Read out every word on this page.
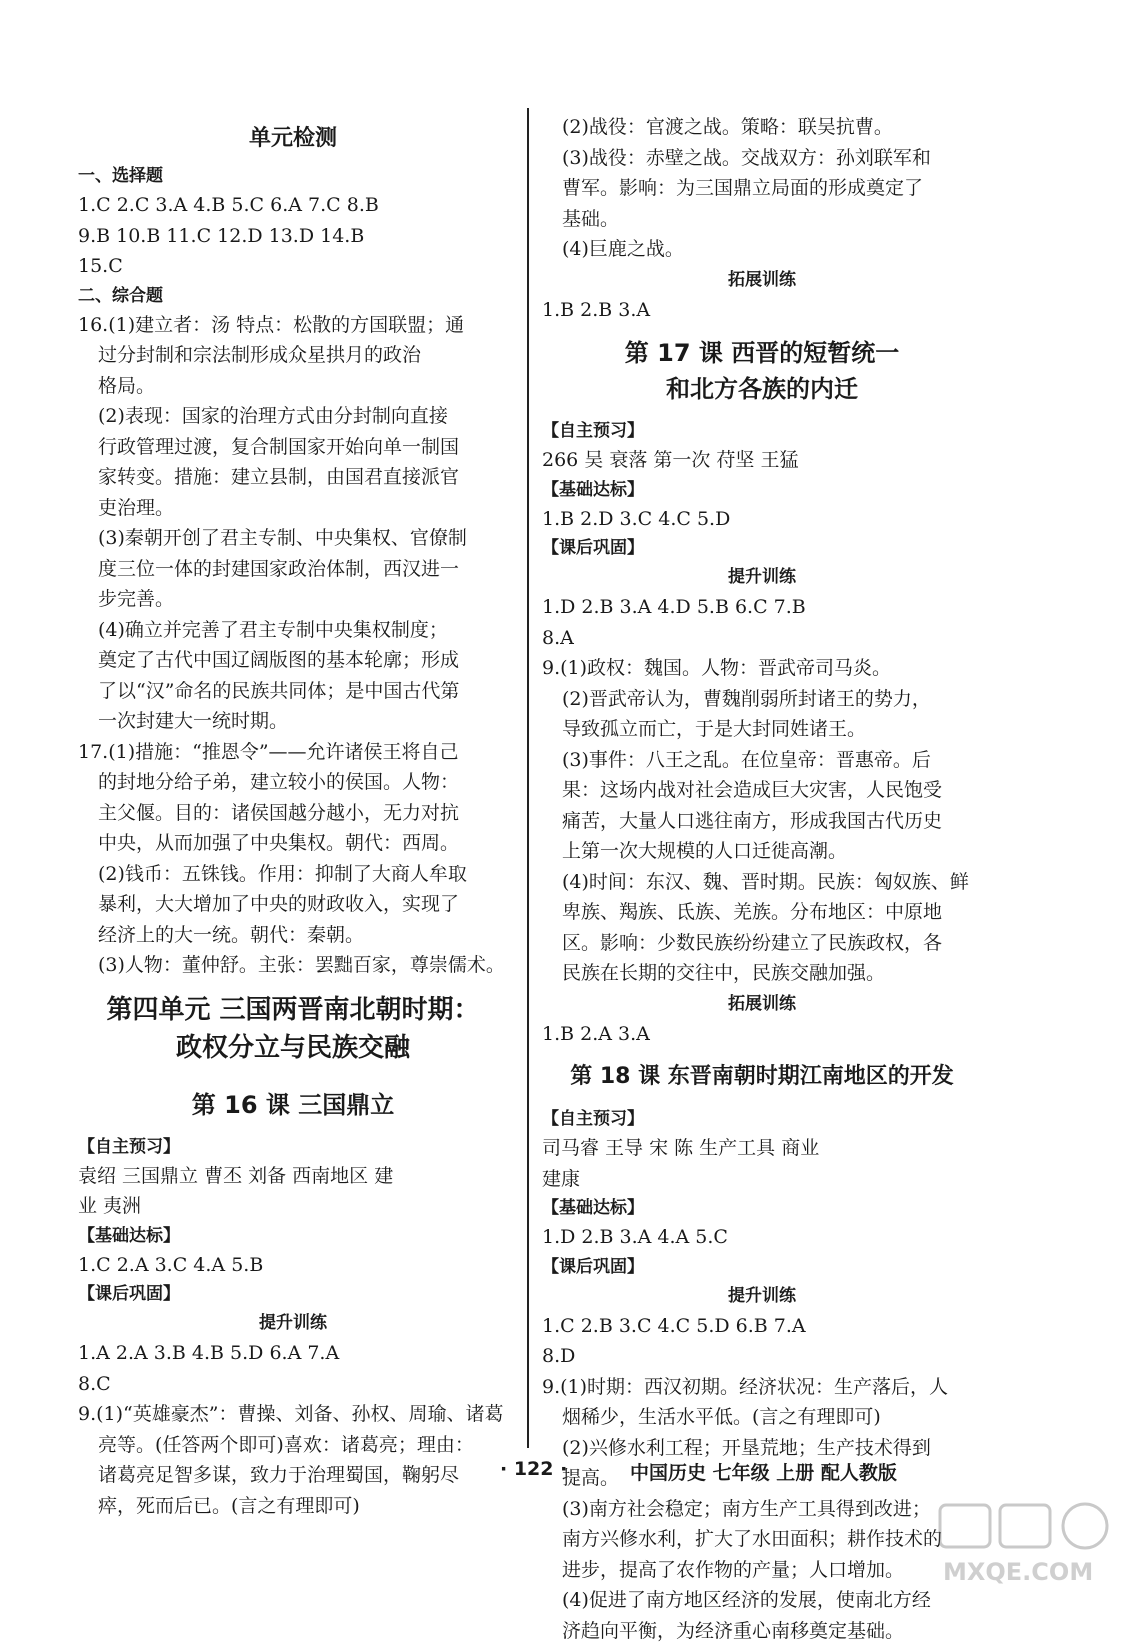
单元检测
一、选择题
1.C 2.C 3.A 4.B 5.C 6.A 7.C 8.B
9.B 10.B 11.C 12.D 13.D 14.B
15.C
二、综合题
16.(1)建立者：汤 特点：松散的方国联盟；通
过分封制和宗法制形成众星拱月的政治
格局。
(2)表现：国家的治理方式由分封制向直接
行政管理过渡，复合制国家开始向单一制国
家转变。措施：建立县制，由国君直接派官
吏治理。
(3)秦朝开创了君主专制、中央集权、官僚制
度三位一体的封建国家政治体制，西汉进一
步完善。
(4)确立并完善了君主专制中央集权制度；
奠定了古代中国辽阔版图的基本轮廓；形成
了以“汉”命名的民族共同体；是中国古代第
一次封建大一统时期。
17.(1)措施：“推恩令”——允许诸侯王将自己
的封地分给子弟，建立较小的侯国。人物：
主父偃。目的：诸侯国越分越小，无力对抗
中央，从而加强了中央集权。朝代：西周。
(2)钱币：五铢钱。作用：抑制了大商人牟取
暴利，大大增加了中央的财政收入，实现了
经济上的大一统。朝代：秦朝。
(3)人物：董仲舒。主张：罢黜百家，尊崇儒术。
第四单元 三国两晋南北朝时期：
政权分立与民族交融
第 16 课 三国鼎立
【自主预习】
袁绍 三国鼎立 曹丕 刘备 西南地区 建
业 夷洲
【基础达标】
1.C 2.A 3.C 4.A 5.B
【课后巩固】
提升训练
1.A 2.A 3.B 4.B 5.D 6.A 7.A
8.C
9.(1)“英雄豪杰”：曹操、刘备、孙权、周瑜、诸葛
亮等。(任答两个即可)喜欢：诸葛亮；理由：
诸葛亮足智多谋，致力于治理蜀国，鞠躬尽
瘁，死而后已。(言之有理即可)
(2)战役：官渡之战。策略：联吴抗曹。
(3)战役：赤壁之战。交战双方：孙刘联军和
曹军。影响：为三国鼎立局面的形成奠定了
基础。
(4)巨鹿之战。
拓展训练
1.B 2.B 3.A
第 17 课 西晋的短暂统一
和北方各族的内迁
【自主预习】
266 吴 衰落 第一次 苻坚 王猛
【基础达标】
1.B 2.D 3.C 4.C 5.D
【课后巩固】
提升训练
1.D 2.B 3.A 4.D 5.B 6.C 7.B
8.A
9.(1)政权：魏国。人物：晋武帝司马炎。
(2)晋武帝认为，曹魏削弱所封诸王的势力，
导致孤立而亡，于是大封同姓诸王。
(3)事件：八王之乱。在位皇帝：晋惠帝。后
果：这场内战对社会造成巨大灾害，人民饱受
痛苦，大量人口逃往南方，形成我国古代历史
上第一次大规模的人口迁徙高潮。
(4)时间：东汉、魏、晋时期。民族：匈奴族、鲜
卑族、羯族、氐族、羌族。分布地区：中原地
区。影响：少数民族纷纷建立了民族政权，各
民族在长期的交往中，民族交融加强。
拓展训练
1.B 2.A 3.A
第 18 课 东晋南朝时期江南地区的开发
【自主预习】
司马睿 王导 宋 陈 生产工具 商业
建康
【基础达标】
1.D 2.B 3.A 4.A 5.C
【课后巩固】
提升训练
1.C 2.B 3.C 4.C 5.D 6.B 7.A
8.D
9.(1)时期：西汉初期。经济状况：生产落后，人
烟稀少，生活水平低。(言之有理即可)
(2)兴修水利工程；开垦荒地；生产技术得到
提高。
(3)南方社会稳定；南方生产工具得到改进；
南方兴修水利，扩大了水田面积；耕作技术的
进步，提高了农作物的产量；人口增加。
(4)促进了南方地区经济的发展，使南北方经
济趋向平衡，为经济重心南移奠定基础。
· 122 ·	中国历史 七年级 上册 配人教版
MXQE.COM
